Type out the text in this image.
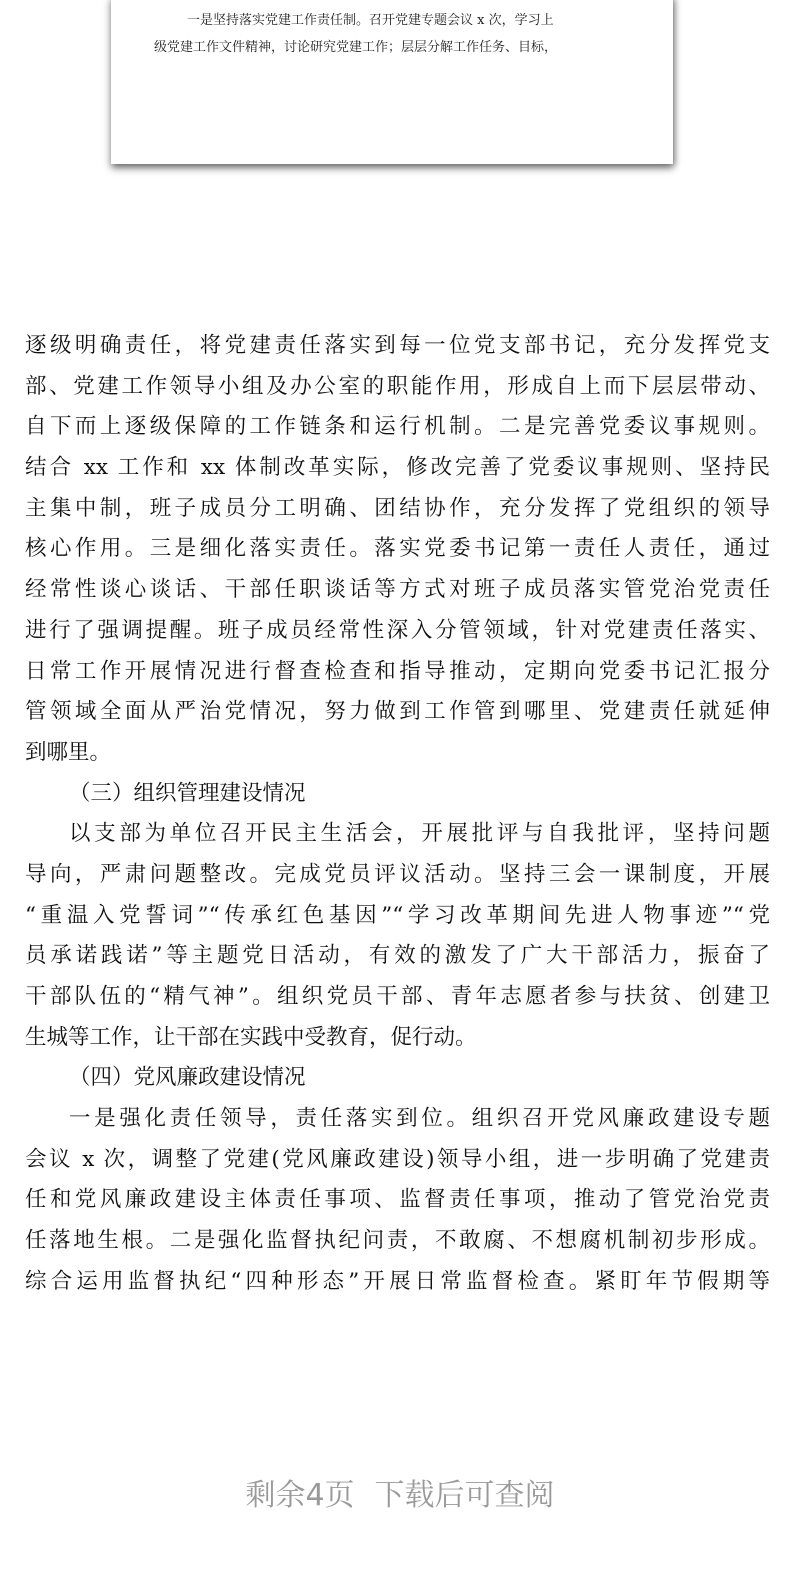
一是坚持落实党建工作责任制。召开党建专题会议 x 次，学习上
级党建工作文件精神，讨论研究党建工作；层层分解工作任务、目标，
逐级明确责任，将党建责任落实到每一位党支部书记，充分发挥党支
部、党建工作领导小组及办公室的职能作用，形成自上而下层层带动、
自下而上逐级保障的工作链条和运行机制。二是完善党委议事规则。
结合 xx 工作和 xx 体制改革实际，修改完善了党委议事规则、坚持民
主集中制，班子成员分工明确、团结协作，充分发挥了党组织的领导
核心作用。三是细化落实责任。落实党委书记第一责任人责任，通过
经常性谈心谈话、干部任职谈话等方式对班子成员落实管党治党责任
进行了强调提醒。班子成员经常性深入分管领域，针对党建责任落实、
日常工作开展情况进行督查检查和指导推动，定期向党委书记汇报分
管领域全面从严治党情况，努力做到工作管到哪里、党建责任就延伸
到哪里。
（三）组织管理建设情况
以支部为单位召开民主生活会，开展批评与自我批评，坚持问题
导向，严肃问题整改。完成党员评议活动。坚持三会一课制度，开展
“重温入党誓词”“传承红色基因”“学习改革期间先进人物事迹”“党
员承诺践诺”等主题党日活动，有效的激发了广大干部活力，振奋了
干部队伍的“精气神”。组织党员干部、青年志愿者参与扶贫、创建卫
生城等工作，让干部在实践中受教育，促行动。
（四）党风廉政建设情况
一是强化责任领导，责任落实到位。组织召开党风廉政建设专题
会议 x 次，调整了党建(党风廉政建设)领导小组，进一步明确了党建责
任和党风廉政建设主体责任事项、监督责任事项，推动了管党治党责
任落地生根。二是强化监督执纪问责，不敢腐、不想腐机制初步形成。
综合运用监督执纪“四种形态”开展日常监督检查。紧盯年节假期等
剩余4页 下载后可查阅
